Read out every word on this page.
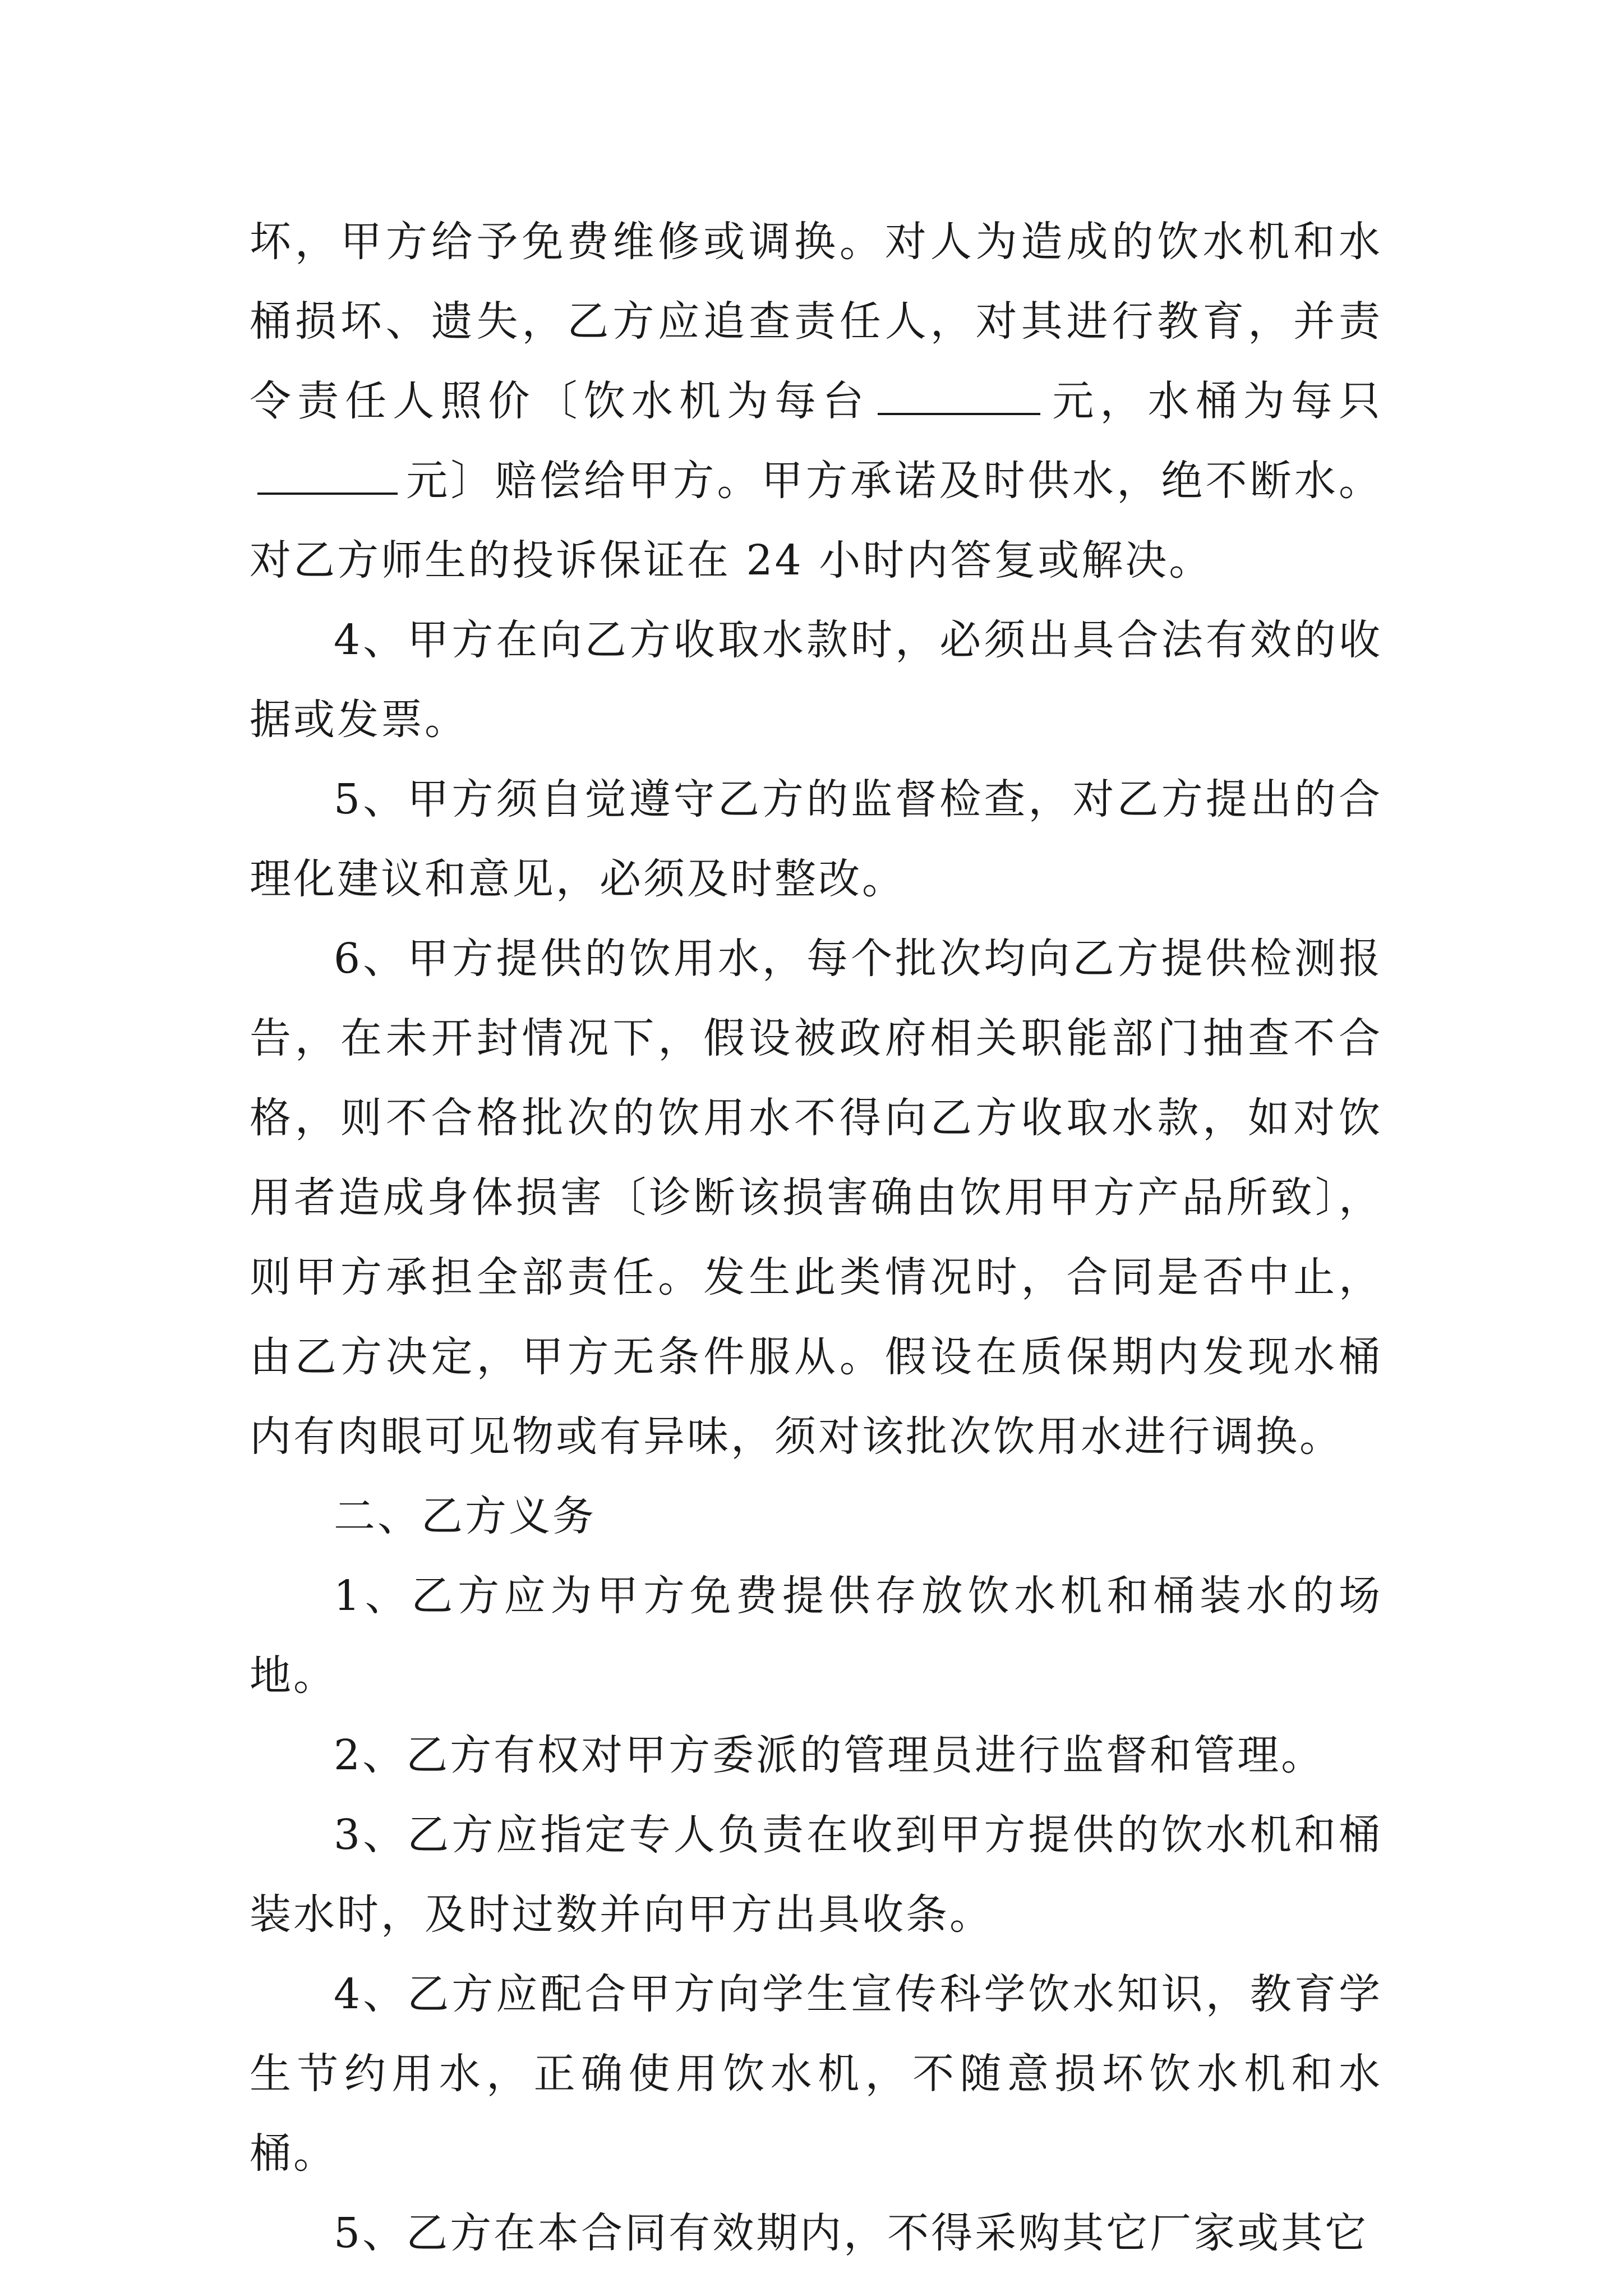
坏，甲方给予免费维修或调换。对人为造成的饮水机和水桶损坏、遗失，乙方应追查责任人，对其进行教育，并责令责任人照价〔饮水机为每台	元，水桶为每只元〕赔偿给甲方。甲方承诺及时供水，绝不断水。对乙方师生的投诉保证在 24 小时内答复或解决。

4、甲方在向乙方收取水款时，必须出具合法有效的收据或发票。

5、甲方须自觉遵守乙方的监督检查，对乙方提出的合理化建议和意见，必须及时整改。

6、甲方提供的饮用水，每个批次均向乙方提供检测报告，在未开封情况下，假设被政府相关职能部门抽查不合格，则不合格批次的饮用水不得向乙方收取水款，如对饮用者造成身体损害〔诊断该损害确由饮用甲方产品所致〕，则甲方承担全部责任。发生此类情况时，合同是否中止，由乙方决定，甲方无条件服从。假设在质保期内发现水桶内有肉眼可见物或有异味，须对该批次饮用水进行调换。

二、乙方义务

1、乙方应为甲方免费提供存放饮水机和桶装水的场地。

2、乙方有权对甲方委派的管理员进行监督和管理。

3、乙方应指定专人负责在收到甲方提供的饮水机和桶装水时，及时过数并向甲方出具收条。

4、乙方应配合甲方向学生宣传科学饮水知识，教育学生节约用水，正确使用饮水机，不随意损坏饮水机和水桶。

5、乙方在本合同有效期内，不得采购其它厂家或其它
